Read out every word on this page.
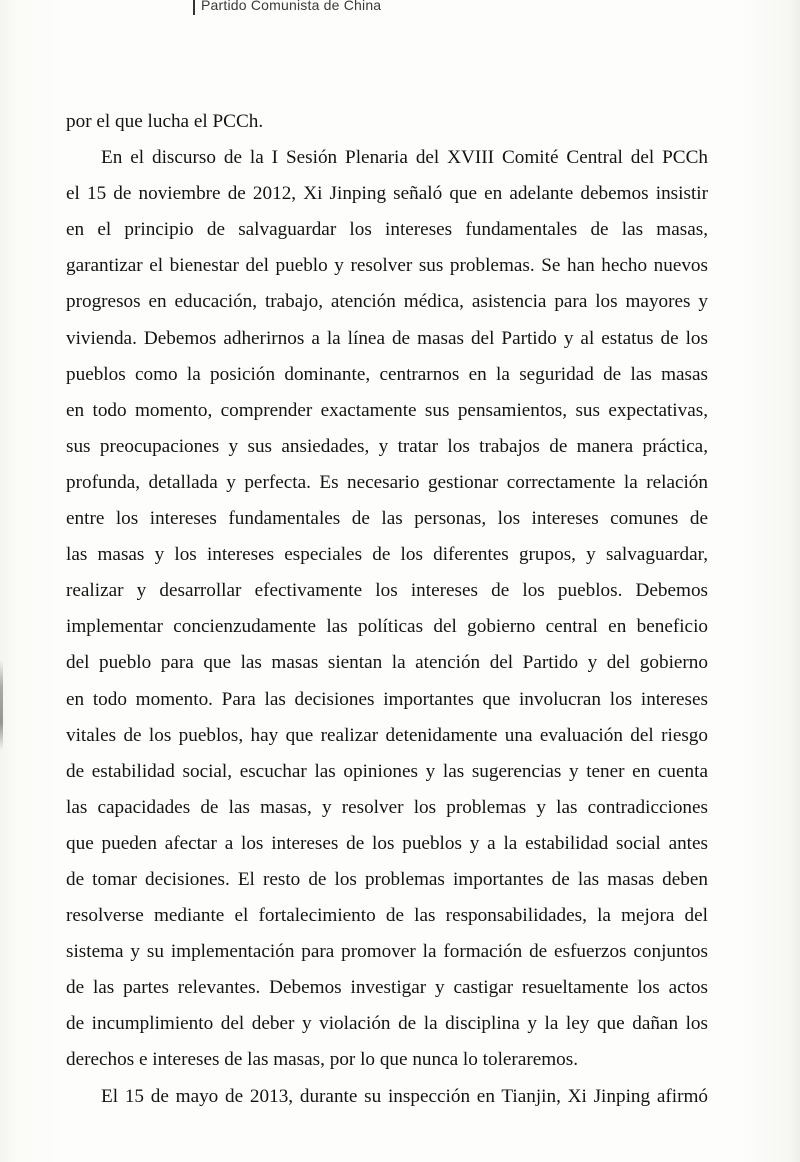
Partido Comunista de China
por el que lucha el PCCh.
En el discurso de la I Sesión Plenaria del XVIII Comité Central del PCCh
el 15 de noviembre de 2012, Xi Jinping señaló que en adelante debemos insistir
en el principio de salvaguardar los intereses fundamentales de las masas,
garantizar el bienestar del pueblo y resolver sus problemas. Se han hecho nuevos
progresos en educación, trabajo, atención médica, asistencia para los mayores y
vivienda. Debemos adherirnos a la línea de masas del Partido y al estatus de los
pueblos como la posición dominante, centrarnos en la seguridad de las masas
en todo momento, comprender exactamente sus pensamientos, sus expectativas,
sus preocupaciones y sus ansiedades, y tratar los trabajos de manera práctica,
profunda, detallada y perfecta. Es necesario gestionar correctamente la relación
entre los intereses fundamentales de las personas, los intereses comunes de
las masas y los intereses especiales de los diferentes grupos, y salvaguardar,
realizar y desarrollar efectivamente los intereses de los pueblos. Debemos
implementar concienzudamente las políticas del gobierno central en beneficio
del pueblo para que las masas sientan la atención del Partido y del gobierno
en todo momento. Para las decisiones importantes que involucran los intereses
vitales de los pueblos, hay que realizar detenidamente una evaluación del riesgo
de estabilidad social, escuchar las opiniones y las sugerencias y tener en cuenta
las capacidades de las masas, y resolver los problemas y las contradicciones
que pueden afectar a los intereses de los pueblos y a la estabilidad social antes
de tomar decisiones. El resto de los problemas importantes de las masas deben
resolverse mediante el fortalecimiento de las responsabilidades, la mejora del
sistema y su implementación para promover la formación de esfuerzos conjuntos
de las partes relevantes. Debemos investigar y castigar resueltamente los actos
de incumplimiento del deber y violación de la disciplina y la ley que dañan los
derechos e intereses de las masas, por lo que nunca lo toleraremos.
El 15 de mayo de 2013, durante su inspección en Tianjin, Xi Jinping afirmó
